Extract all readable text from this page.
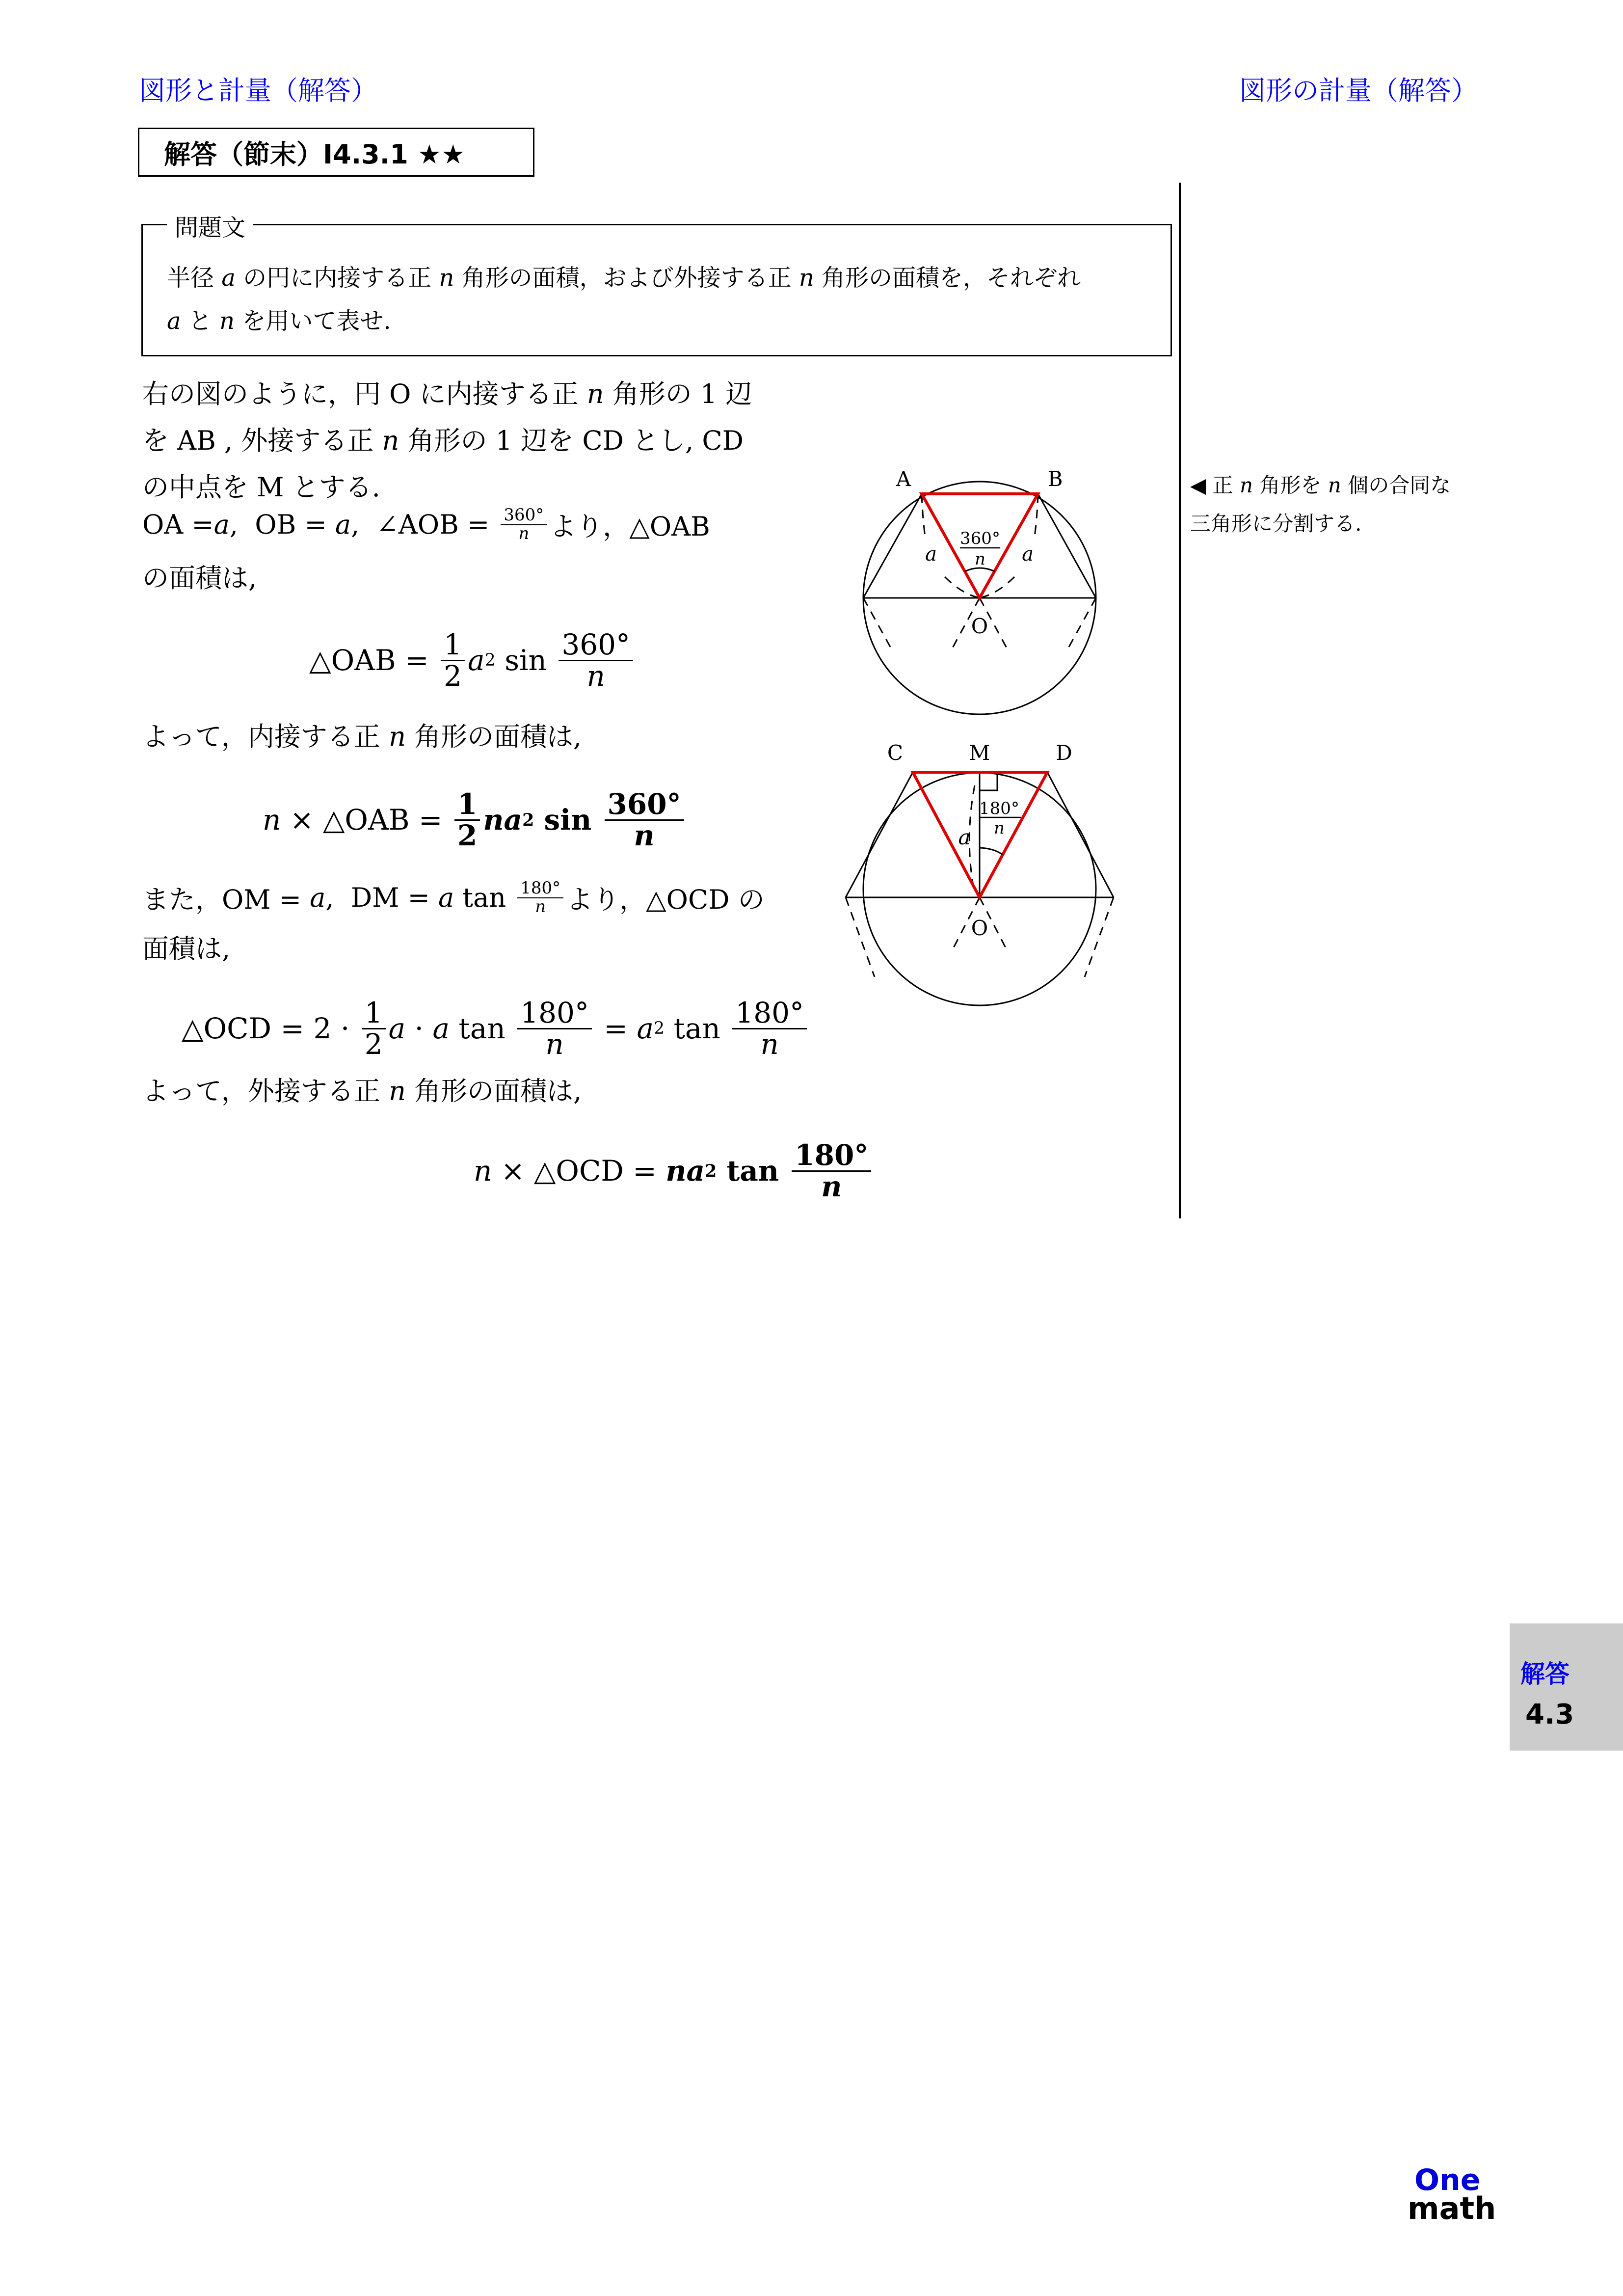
図形と計量（解答）	図形の計量（解答）
解答（節末）I4.3.1 ★★
問題文
半径 a の円に内接する正 n 角形の面積，および外接する正 n 角形の面積を，それぞれ
a と n を用いて表せ.
右の図のように，円 O に内接する正 n 角形の 1 辺
を AB , 外接する正 n 角形の 1 辺を CD とし, CD
の中点を M とする.
OA = a ,  OB = a ,  ∠AOB = $\frac{360^\circ}{n}$ より，△OAB
の面積は,
△OAB = $\frac{1}{2}$ a 2 $\sin \frac{360^\circ}{n}$
よって，内接する正 n 角形の面積は,
n × △OAB = $\frac{1}{2}$ na 2 $\sin \frac{360^\circ}{n}$
また，OM = a ,  DM = a $\tan \frac{180^\circ}{n}$ より，△OCD の
面積は,
△OCD = $2 \cdot \frac{1}{2}$ a · a $\tan \frac{180^\circ}{n} = a$ 2 $\tan \frac{180^\circ}{n}$
よって，外接する正 n 角形の面積は,
n × △OCD = na 2 $\tan \frac{180^\circ}{n}$
360°
n
A	B
O
a	a
180°
n
C	M	D
O
a
◀ 正 n 角形を n 個の合同な
三角形に分割する.
解答
4.3
One
math
